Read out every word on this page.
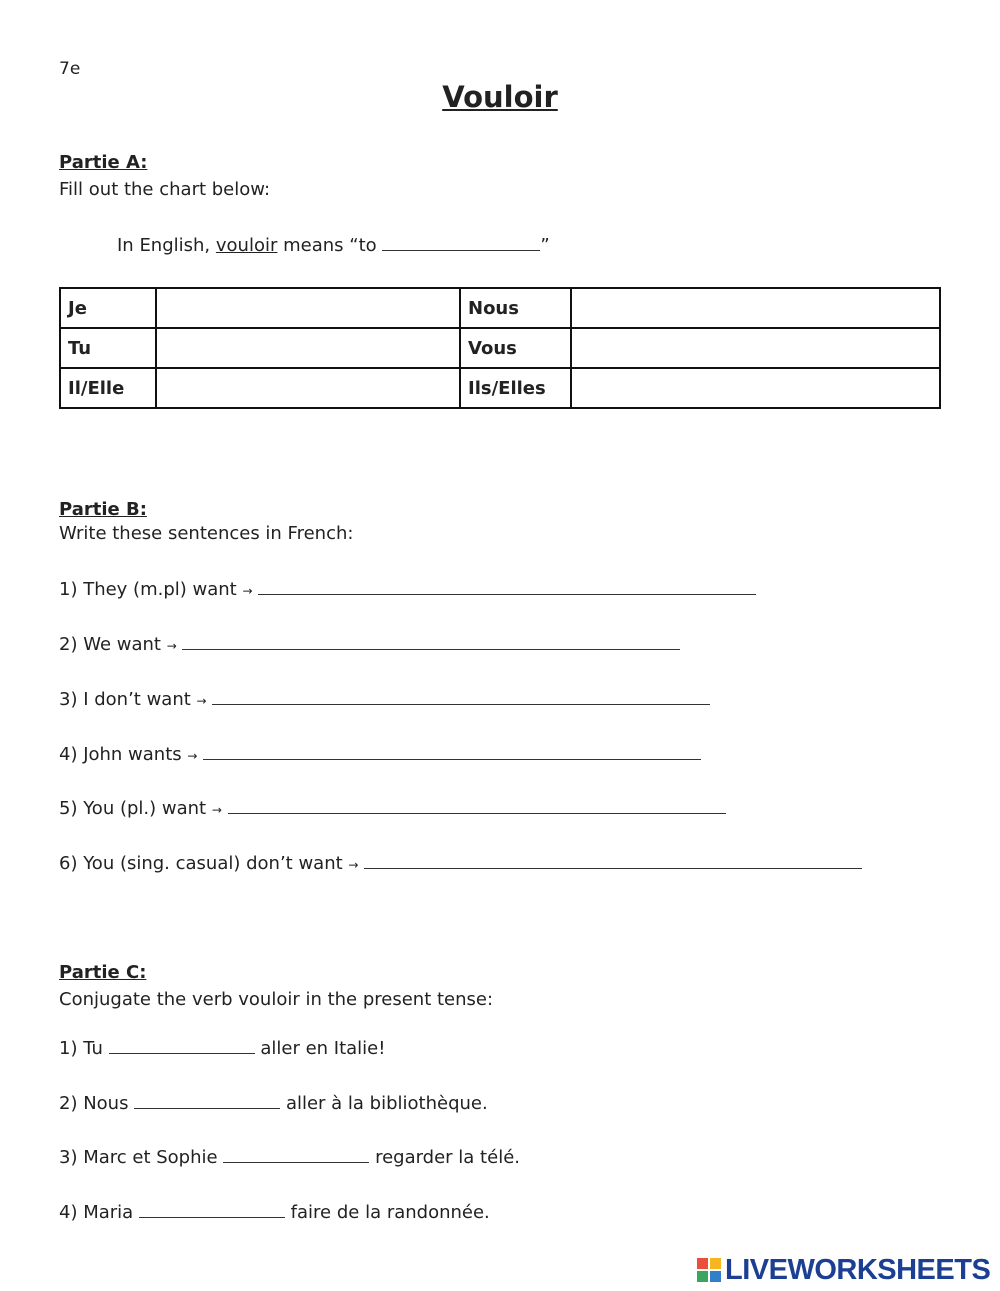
7e
Vouloir
Partie A:
Fill out the chart below:
In English, vouloir means “to	”
Je		Nous	
Tu		Vous	
Il/Elle		Ils/Elles	
Partie B:
Write these sentences in French:
1) They (m.pl) want →
2) We want →
3) I don’t want →
4) John wants →
5) You (pl.) want →
6) You (sing. casual) don’t want →
Partie C:
Conjugate the verb vouloir in the present tense:
1) Tu	aller en Italie!
2) Nous	aller à la bibliothèque.
3) Marc et Sophie	regarder la télé.
4) Maria	faire de la randonnée.
LIVEWORKSHEETS
